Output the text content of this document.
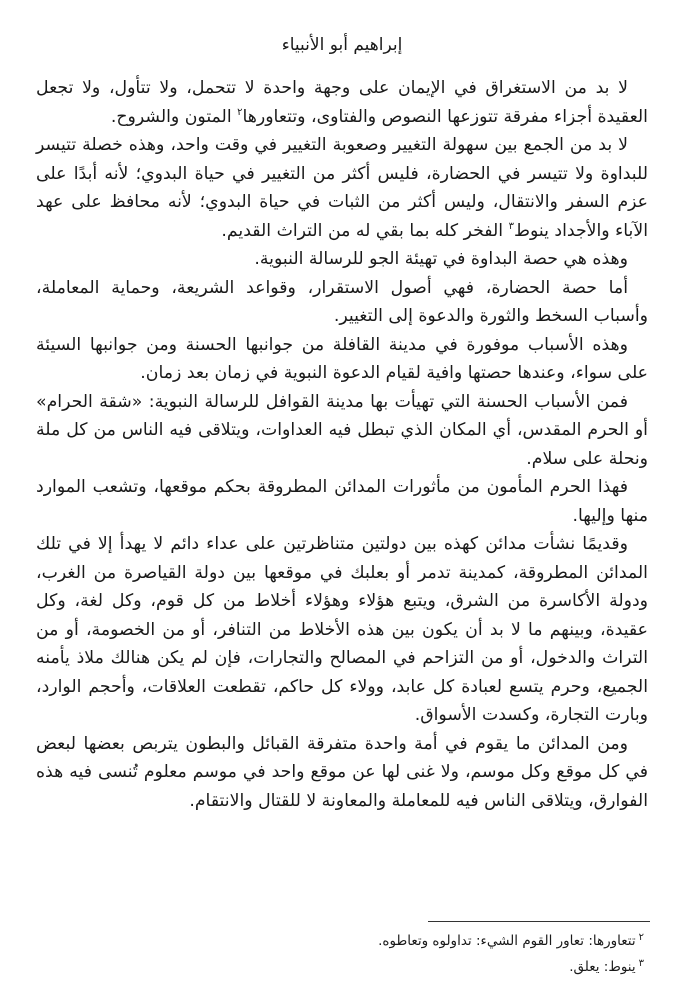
إبراهيم أبو الأنبياء

لا بد من الاستغراق في الإيمان على وجهة واحدة لا تتحمل، ولا تتأول، ولا تجعل العقيدة أجزاء مفرقة تتوزعها النصوص والفتاوى، وتتعاورها$^٢$ المتون والشروح.

لا بد من الجمع بين سهولة التغيير وصعوبة التغيير في وقت واحد، وهذه خصلة تتيسر للبداوة ولا تتيسر في الحضارة، فليس أكثر من التغيير في حياة البدوي؛ لأنه أبدًا على عزم السفر والانتقال، وليس أكثر من الثبات في حياة البدوي؛ لأنه محافظ على عهد الآباء والأجداد ينوط$^٣$ الفخر كله بما بقي له من التراث القديم.

وهذه هي حصة البداوة في تهيئة الجو للرسالة النبوية.

أما حصة الحضارة، فهي أصول الاستقرار، وقواعد الشريعة، وحماية المعاملة، وأسباب السخط والثورة والدعوة إلى التغيير.

وهذه الأسباب موفورة في مدينة القافلة من جوانبها الحسنة ومن جوانبها السيئة على سواء، وعندها حصتها وافية لقيام الدعوة النبوية في زمان بعد زمان.

فمن الأسباب الحسنة التي تهيأت بها مدينة القوافل للرسالة النبوية: «شقة الحرام» أو الحرم المقدس، أي المكان الذي تبطل فيه العداوات، ويتلاقى فيه الناس من كل ملة ونحلة على سلام.

فهذا الحرم المأمون من مأثورات المدائن المطروقة بحكم موقعها، وتشعب الموارد منها وإليها.

وقديمًا نشأت مدائن كهذه بين دولتين متناظرتين على عداء دائم لا يهدأ إلا في تلك المدائن المطروقة، كمدينة تدمر أو بعلبك في موقعها بين دولة القياصرة من الغرب، ودولة الأكاسرة من الشرق، ويتبع هؤلاء وهؤلاء أخلاط من كل قوم، وكل لغة، وكل عقيدة، وبينهم ما لا بد أن يكون بين هذه الأخلاط من التنافر، أو من الخصومة، أو من التراث والدخول، أو من التزاحم في المصالح والتجارات، فإن لم يكن هنالك ملاذ يأمنه الجميع، وحرم يتسع لعبادة كل عابد، وولاء كل حاكم، تقطعت العلاقات، وأحجم الوارد، وبارت التجارة، وكسدت الأسواق.

ومن المدائن ما يقوم في أمة واحدة متفرقة القبائل والبطون يتربص بعضها لبعض في كل موقع وكل موسم، ولا غنى لها عن موقع واحد في موسم معلوم تُنسى فيه هذه الفوارق، ويتلاقى الناس فيه للمعاملة والمعاونة لا للقتال والانتقام.

$^٢$تتعاورها: تعاور القوم الشيء: تداولوه وتعاطوه.

$^٣$ينوط: يعلق.
